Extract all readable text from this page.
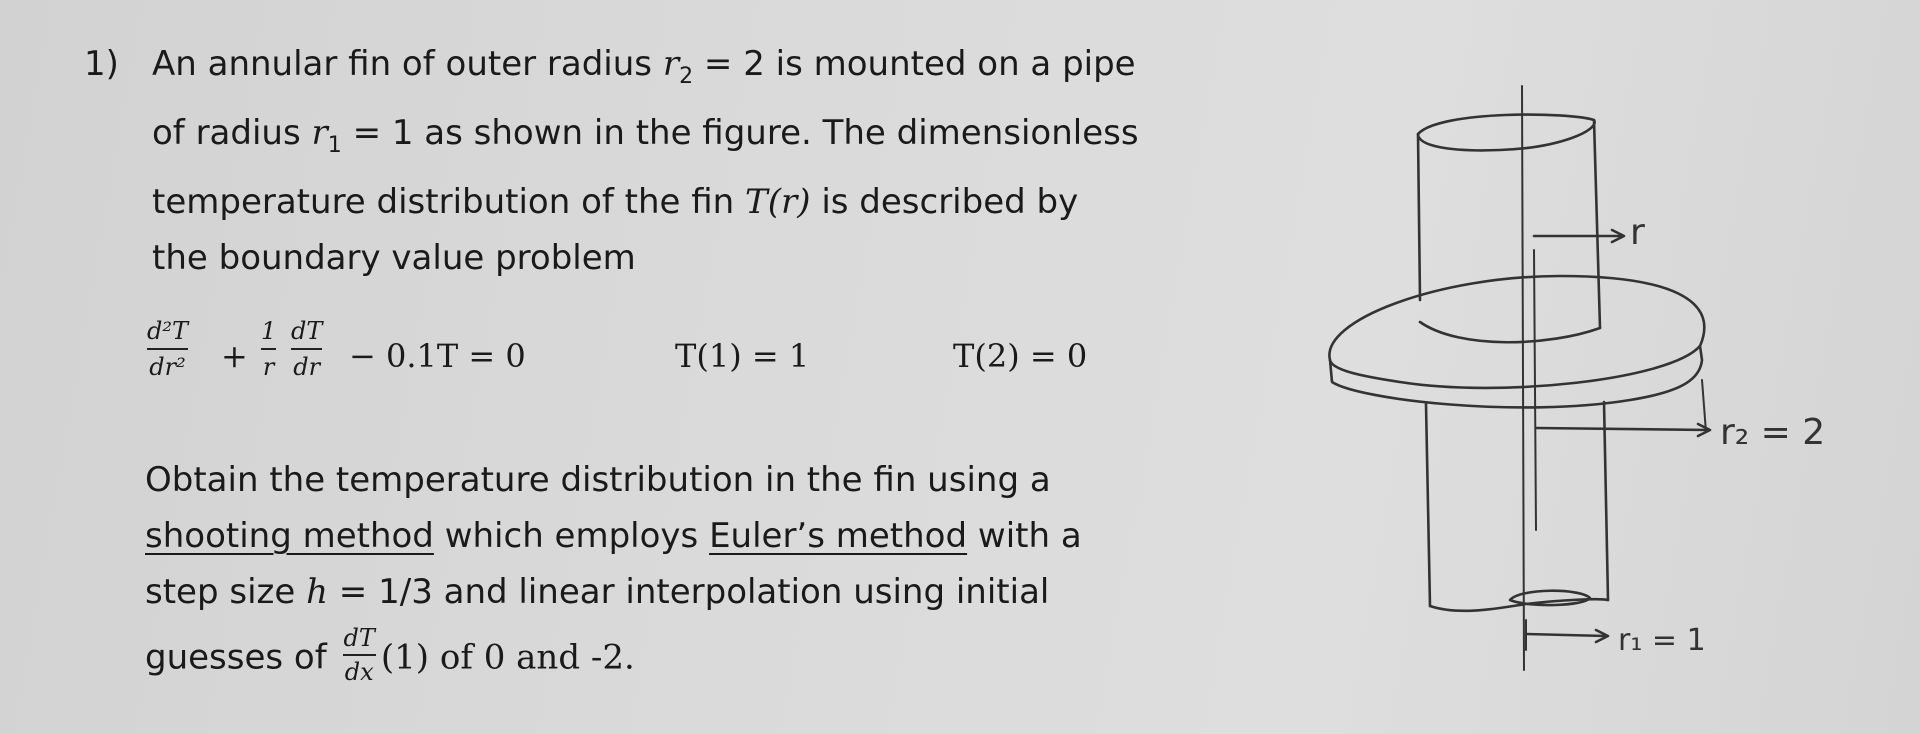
1) An annular fin of outer radius $r_2 = 2$ is mounted on a pipe
of radius $r_1 = 1$ as shown in the figure. The dimensionless
temperature distribution of the fin T(r) is described by
the boundary value problem
$\frac{\text{d²T}}{\text{dr²}} + \frac{1}{r} \frac{dT}{dr} - 0.1T = 0$	T(1) = 1	T(2) = 0
Obtain the temperature distribution in the fin using a
shooting method which employs Euler’s method with a
step size h = 1/3 and linear interpolation using initial
guesses of $\frac{dT}{dx} (1)$ of 0 and -2.
r
r₂ = 2
r₁ = 1
